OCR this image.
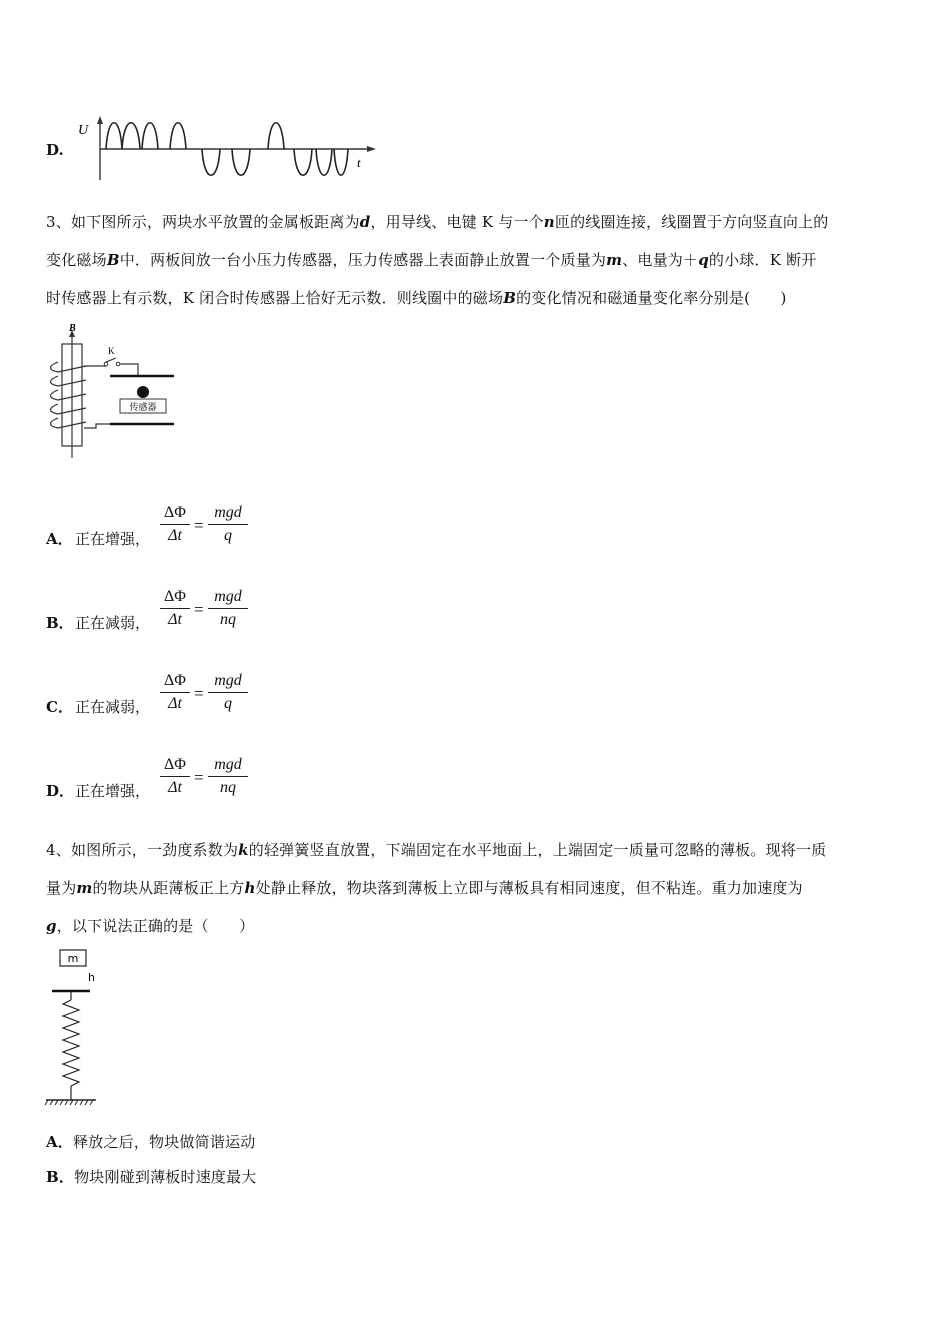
D.
U
t
3、如下图所示，两块水平放置的金属板距离为d，用导线、电键 K 与一个n匝的线圈连接，线圈置于方向竖直向上的
变化磁场B中．两板间放一台小压力传感器，压力传感器上表面静止放置一个质量为m、电量为＋q的小球．K 断开
时传感器上有示数，K 闭合时传感器上恰好无示数．则线圈中的磁场B的变化情况和磁通量变化率分别是(　　)
B
K
传感器
A． 正在增强，
ΔΦ
Δt
=
mgd
q
B． 正在减弱，
ΔΦ
Δt
=
mgd
nq
C． 正在减弱，
ΔΦ
Δt
=
mgd
q
D． 正在增强，
ΔΦ
Δt
=
mgd
nq
4、如图所示，一劲度系数为k的轻弹簧竖直放置，下端固定在水平地面上，上端固定一质量可忽略的薄板。现将一质
量为m的物块从距薄板正上方h处静止释放，物块落到薄板上立即与薄板具有相同速度，但不粘连。重力加速度为
g，以下说法正确的是（　　）
m
h
A．释放之后，物块做简谐运动
B．物块刚碰到薄板时速度最大
